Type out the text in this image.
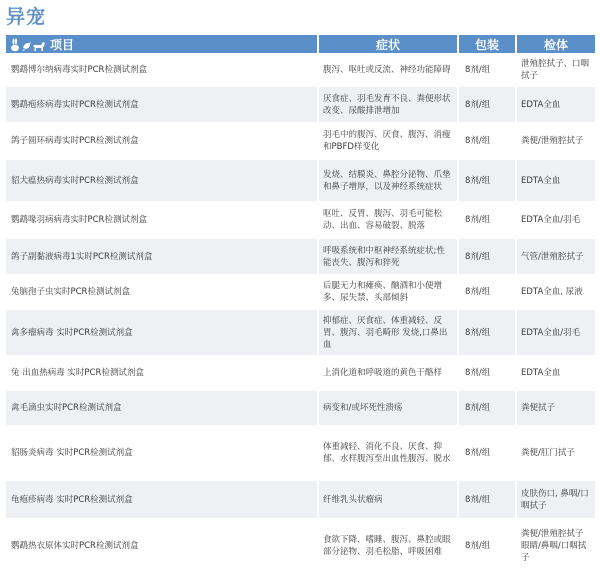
异宠
项目	症状	包装	检体
鹦鹉博尔纳病毒实时PCR检测试剂盒	腹泻、呕吐或反流、神经功能障碍	8剂/组	泄殖腔拭子、口咽拭子
鹦鹉疱疹病毒实时PCR检测试剂盒	厌食症、羽毛发育不良、粪便形状改变、尿酸排泄增加	8剂/组	EDTA全血
鸽子圆环病毒实时PCR检测试剂盒	羽毛中的腹泻、厌食、腹泻、消瘦和PBFD样变化	8剂/组	粪便/泄殖腔拭子
貂犬瘟热病毒实时PCR检测试剂盒	发烧、结膜炎、鼻腔分泌物、爪垫和鼻子增厚，以及神经系统症状	8剂/组	EDTA全血
鹦鹉喙羽病病毒实时PCR检测试剂盒	呕吐、反胃、腹泻、羽毛可能松动、出血、容易破裂、脱落	8剂/组	EDTA全血/羽毛
鸽子副黏液病毒1实时PCR检测试剂盒	呼吸系统和中枢神经系统症状;性能丧失、腹泻和猝死	8剂/组	气管/泄殖腔拭子
兔脑孢子虫实时PCR检测试剂盒	后腿无力和瘫痪、酗酒和小便增多、尿失禁、头部倾斜	8剂/组	EDTA全血, 尿液
禽多瘤病毒 实时PCR检测试剂盒	抑郁症、厌食症、体重减轻、反胃、腹泻、羽毛畸形 发烧,口鼻出血	8剂/组	EDTA全血/羽毛
兔 出血热病毒 实时PCR检测试剂盒	上消化道和呼吸道的黄色干酪样	8剂/组	EDTA全血
禽毛滴虫实时PCR检测试剂盒	病变和/或坏死性溃疡	8剂/组	粪便拭子
貂肠炎病毒 实时PCR检测试剂盒	体重减轻、消化不良、厌食、抑郁、水样腹泻至出血性腹泻、脱水	8剂/组	粪便/肛门拭子
龟疱疹病毒 实时PCR检测试剂盒	纤维乳头状瘤病	8剂/组	皮肤伤口, 鼻咽/口咽拭子
鹦鹉热衣原体实时PCR检测试剂盒	食欲下降、嗜睡、腹泻、鼻腔或眼部分泌物、羽毛松脂、呼吸困难	8剂/组	粪便/泄殖腔拭子眼睛/鼻咽/口咽拭子
